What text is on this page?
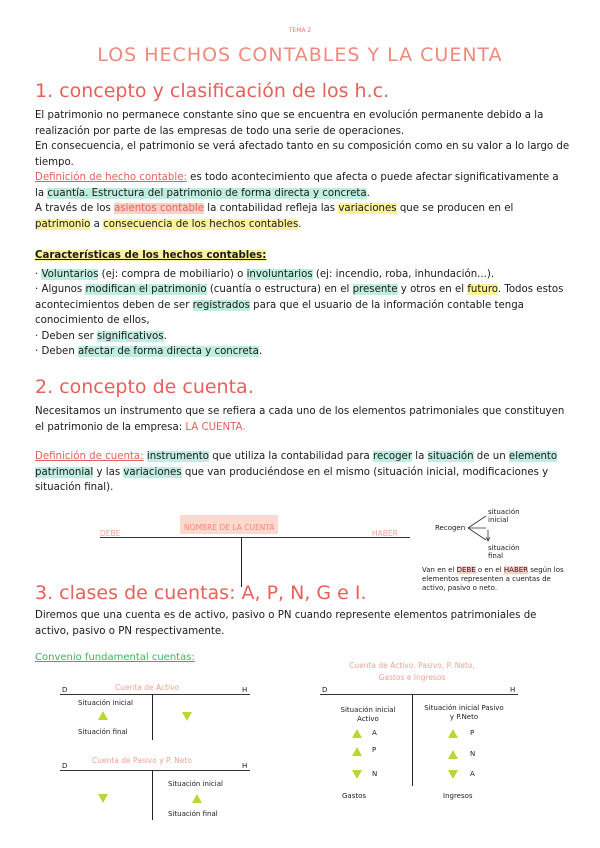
TEMA 2
LOS HECHOS CONTABLES Y LA CUENTA
1. concepto y clasificación de los h.c.
El patrimonio no permanece constante sino que se encuentra en evolución permanente debido a la realización por parte de las empresas de todo una serie de operaciones.
En consecuencia, el patrimonio se verá afectado tanto en su composición como en su valor a lo largo de tiempo.
Definición de hecho contable: es todo acontecimiento que afecta o puede afectar significativamente a la cuantía. Estructura del patrimonio de forma directa y concreta.
A través de los asientos contable la contabilidad refleja las variaciones que se producen en el patrimonio a consecuencia de los hechos contables.
Características de los hechos contables:
· Voluntarios (ej: compra de mobiliario) o involuntarios (ej: incendio, roba, inhundación...).
· Algunos modifican el patrimonio (cuantía o estructura) en el presente y otros en el futuro. Todos estos acontecimientos deben de ser registrados para que el usuario de la información contable tenga conocimiento de ellos,
· Deben ser significativos.
· Deben afectar de forma directa y concreta.
2. concepto de cuenta.
Necesitamos un instrumento que se refiera a cada uno de los elementos patrimoniales que constituyen el patrimonio de la empresa: LA CUENTA.
Definición de cuenta: instrumento que utiliza la contabilidad para recoger la situación de un elemento patrimonial y las variaciones que van produciéndose en el mismo (situación inicial, modificaciones y situación final).
NOMBRE DE LA CUENTA
DEBE	HABER
Recogen
situación inicial
situación final
Van en el DEBE o en el HABER según los elementos representen a cuentas de activo, pasivo o neto.
3. clases de cuentas: A, P, N, G e I.
Diremos que una cuenta es de activo, pasivo o PN cuando represente elementos patrimoniales de activo, pasivo o PN respectivamente.
Convenio fundamental cuentas:
Cuenta de Activo
D	H
Situación inicial
Situación final
Cuenta de Pasivo y P. Neto
D	H
Situación inicial
Situación final
Cuenta de Activo, Pasivo, P. Neto, Gastos e Ingresos
D	H
Situación inicial Activo
Situación inicial Pasivo y P.Neto
A
P
N
P
N
A
Gastos	Ingresos
